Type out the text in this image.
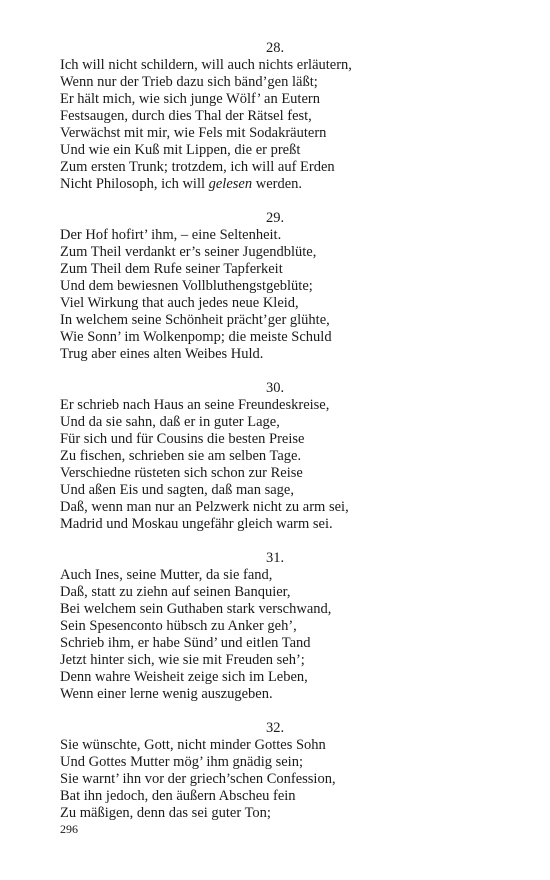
28.
Ich will nicht schildern, will auch nichts erläutern,
Wenn nur der Trieb dazu sich bänd’gen läßt;
Er hält mich, wie sich junge Wölf’ an Eutern
Festsaugen, durch dies Thal der Rätsel fest,
Verwächst mit mir, wie Fels mit Sodakräutern
Und wie ein Kuß mit Lippen, die er preßt
Zum ersten Trunk; trotzdem, ich will auf Erden
Nicht Philosoph, ich will gelesen werden.
29.
Der Hof hofirt’ ihm, – eine Seltenheit.
Zum Theil verdankt er’s seiner Jugendblüte,
Zum Theil dem Rufe seiner Tapferkeit
Und dem bewiesnen Vollbluthengstgeblüte;
Viel Wirkung that auch jedes neue Kleid,
In welchem seine Schönheit prächt’ger glühte,
Wie Sonn’ im Wolkenpomp; die meiste Schuld
Trug aber eines alten Weibes Huld.
30.
Er schrieb nach Haus an seine Freundeskreise,
Und da sie sahn, daß er in guter Lage,
Für sich und für Cousins die besten Preise
Zu fischen, schrieben sie am selben Tage.
Verschiedne rüsteten sich schon zur Reise
Und aßen Eis und sagten, daß man sage,
Daß, wenn man nur an Pelzwerk nicht zu arm sei,
Madrid und Moskau ungefähr gleich warm sei.
31.
Auch Ines, seine Mutter, da sie fand,
Daß, statt zu ziehn auf seinen Banquier,
Bei welchem sein Guthaben stark verschwand,
Sein Spesenconto hübsch zu Anker geh’,
Schrieb ihm, er habe Sünd’ und eitlen Tand
Jetzt hinter sich, wie sie mit Freuden seh’;
Denn wahre Weisheit zeige sich im Leben,
Wenn einer lerne wenig auszugeben.
32.
Sie wünschte, Gott, nicht minder Gottes Sohn
Und Gottes Mutter mög’ ihm gnädig sein;
Sie warnt’ ihn vor der griech’schen Confession,
Bat ihn jedoch, den äußern Abscheu fein
Zu mäßigen, denn das sei guter Ton;
296
